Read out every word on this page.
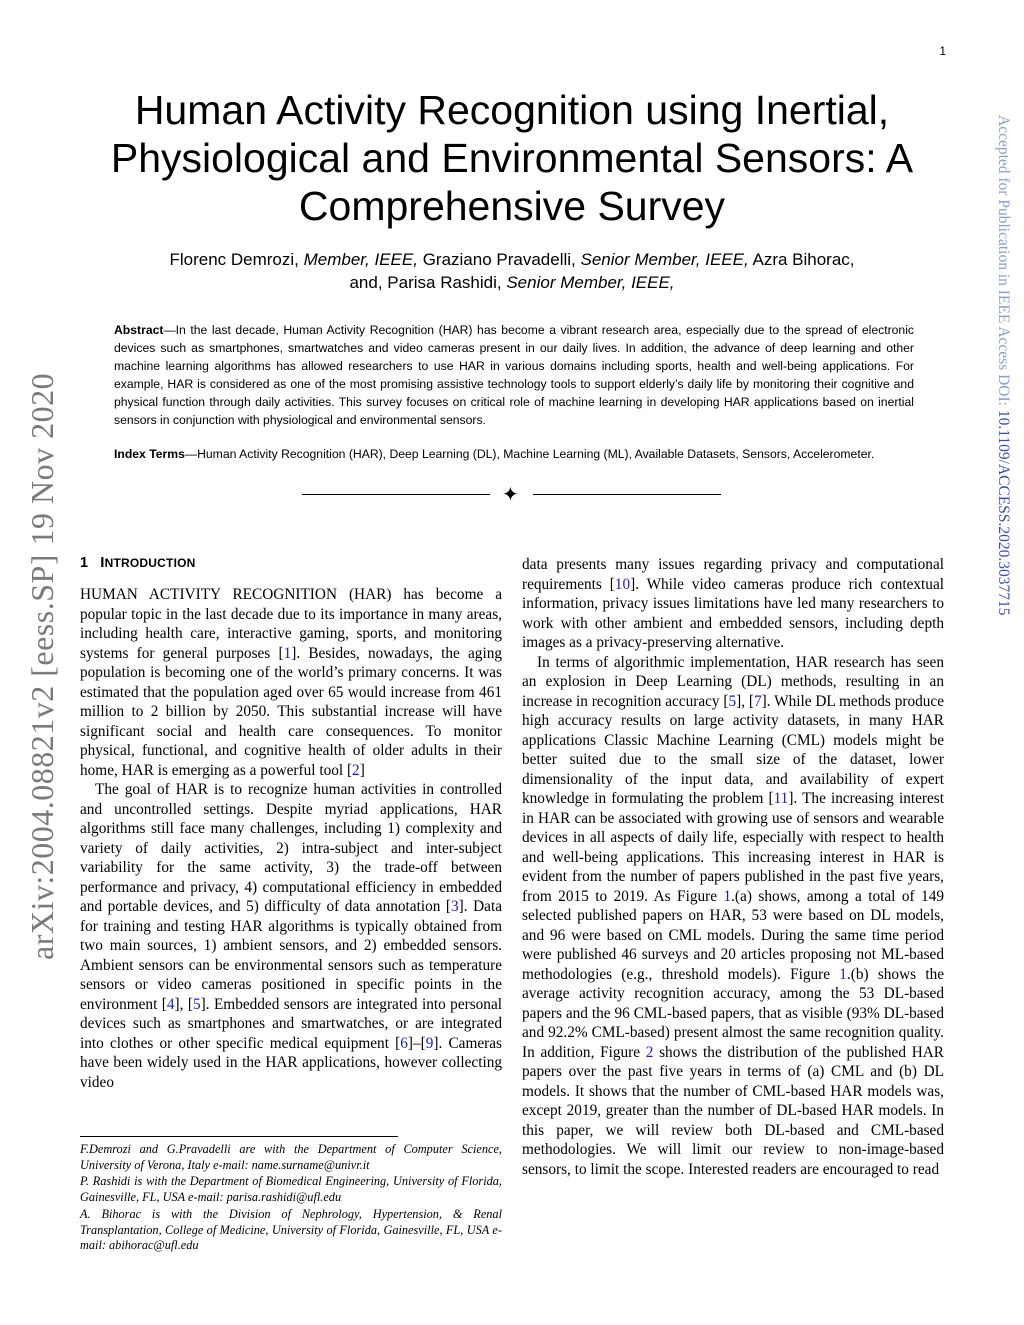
1
Human Activity Recognition using Inertial, Physiological and Environmental Sensors: A Comprehensive Survey
Florenc Demrozi, Member, IEEE, Graziano Pravadelli, Senior Member, IEEE, Azra Bihorac,
and, Parisa Rashidi, Senior Member, IEEE,
Abstract—In the last decade, Human Activity Recognition (HAR) has become a vibrant research area, especially due to the spread of electronic devices such as smartphones, smartwatches and video cameras present in our daily lives. In addition, the advance of deep learning and other machine learning algorithms has allowed researchers to use HAR in various domains including sports, health and well-being applications. For example, HAR is considered as one of the most promising assistive technology tools to support elderly’s daily life by monitoring their cognitive and physical function through daily activities. This survey focuses on critical role of machine learning in developing HAR applications based on inertial sensors in conjunction with physiological and environmental sensors.
Index Terms—Human Activity Recognition (HAR), Deep Learning (DL), Machine Learning (ML), Available Datasets, Sensors, Accelerometer.
✦
1 INTRODUCTION

HUMAN ACTIVITY RECOGNITION (HAR) has become a popular topic in the last decade due to its importance in many areas, including health care, interactive gaming, sports, and monitoring systems for general purposes [1]. Besides, nowadays, the aging population is becoming one of the world’s primary concerns. It was estimated that the population aged over 65 would increase from 461 million to 2 billion by 2050. This substantial increase will have significant social and health care consequences. To monitor physical, functional, and cognitive health of older adults in their home, HAR is emerging as a powerful tool [2]

The goal of HAR is to recognize human activities in controlled and uncontrolled settings. Despite myriad applications, HAR algorithms still face many challenges, including 1) complexity and variety of daily activities, 2) intra-subject and inter-subject variability for the same activity, 3) the trade-off between performance and privacy, 4) computational efficiency in embedded and portable devices, and 5) difficulty of data annotation [3]. Data for training and testing HAR algorithms is typically obtained from two main sources, 1) ambient sensors, and 2) embedded sensors. Ambient sensors can be environmental sensors such as temperature sensors or video cameras positioned in specific points in the environment [4], [5]. Embedded sensors are integrated into personal devices such as smartphones and smartwatches, or are integrated into clothes or other specific medical equipment [6]–[9]. Cameras have been widely used in the HAR applications, however collecting video

data presents many issues regarding privacy and computational requirements [10]. While video cameras produce rich contextual information, privacy issues limitations have led many researchers to work with other ambient and embedded sensors, including depth images as a privacy-preserving alternative.

In terms of algorithmic implementation, HAR research has seen an explosion in Deep Learning (DL) methods, resulting in an increase in recognition accuracy [5], [7]. While DL methods produce high accuracy results on large activity datasets, in many HAR applications Classic Machine Learning (CML) models might be better suited due to the small size of the dataset, lower dimensionality of the input data, and availability of expert knowledge in formulating the problem [11]. The increasing interest in HAR can be associated with growing use of sensors and wearable devices in all aspects of daily life, especially with respect to health and well-being applications. This increasing interest in HAR is evident from the number of papers published in the past five years, from 2015 to 2019. As Figure 1.(a) shows, among a total of 149 selected published papers on HAR, 53 were based on DL models, and 96 were based on CML models. During the same time period were published 46 surveys and 20 articles proposing not ML-based methodologies (e.g., threshold models). Figure 1.(b) shows the average activity recognition accuracy, among the 53 DL-based papers and the 96 CML-based papers, that as visible (93% DL-based and 92.2% CML-based) present almost the same recognition quality. In addition, Figure 2 shows the distribution of the published HAR papers over the past five years in terms of (a) CML and (b) DL models. It shows that the number of CML-based HAR models was, except 2019, greater than the number of DL-based HAR models. In this paper, we will review both DL-based and CML-based methodologies. We will limit our review to non-image-based sensors, to limit the scope. Interested readers are encouraged to read

F.Demrozi and G.Pravadelli are with the Department of Computer Science, University of Verona, Italy e-mail: name.surname@univr.it

P. Rashidi is with the Department of Biomedical Engineering, University of Florida, Gainesville, FL, USA e-mail: parisa.rashidi@ufl.edu

A. Bihorac is with the Division of Nephrology, Hypertension, & Renal Transplantation, College of Medicine, University of Florida, Gainesville, FL, USA e-mail: abihorac@ufl.edu

arXiv:2004.08821v2 [eess.SP] 19 Nov 2020
Accepted for Publication in IEEE Access DOI: 10.1109/ACCESS.2020.3037715
